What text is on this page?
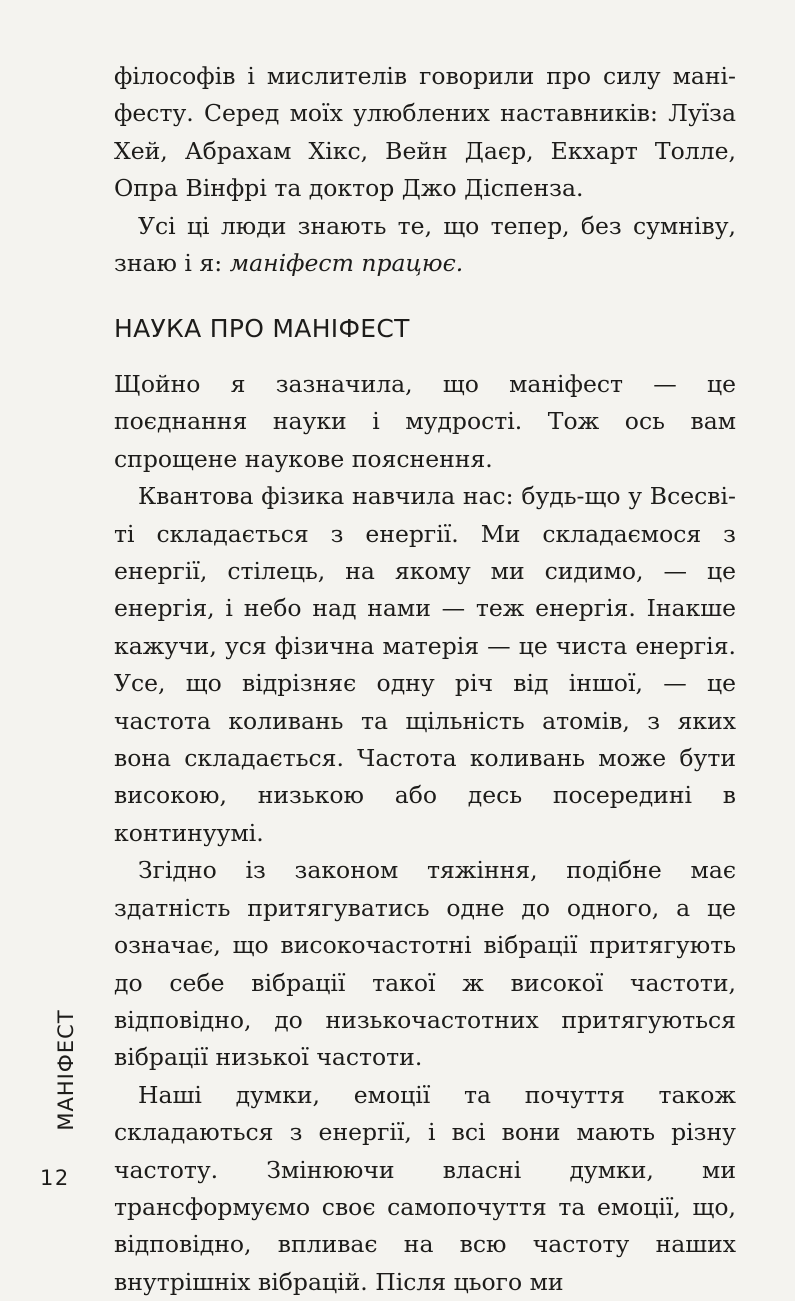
МАНІФЕСТ

філософів і мислителів говорили про силу маніфесту. Серед моїх улюблених наставників: Луїза Хей, Абрахам Хікс, Вейн Даєр, Екхарт Толле, Опра Вінфрі та доктор Джо Діспенза.

Усі ці люди знають те, що тепер, без сумніву, знаю і я: маніфест працює.

НАУКА ПРО МАНІФЕСТ

Щойно я зазначила, що маніфест — це поєднання науки і мудрості. Тож ось вам спрощене наукове пояснення.

Квантова фізика навчила нас: будь-що у Всесвіті складається з енергії. Ми складаємося з енергії, стілець, на якому ми сидимо, — це енергія, і небо над нами — теж енергія. Інакше кажучи, уся фізична матерія — це чиста енергія. Усе, що відрізняє одну річ від іншої, — це частота коливань та щільність атомів, з яких вона складається. Частота коливань може бути високою, низькою або десь посередині в континуумі.

Згідно із законом тяжіння, подібне має здатність притягуватись одне до одного, а це означає, що високочастотні вібрації притягують до себе вібрації такої ж високої частоти, відповідно, до низькочастотних притягуються вібрації низької частоти.

Наші думки, емоції та почуття також складаються з енергії, і всі вони мають різну частоту. Змінюючи власні думки, ми трансформуємо своє самопочуття та емоції, що, відповідно, впливає на всю частоту наших внутрішніх вібрацій. Після цього ми

12
